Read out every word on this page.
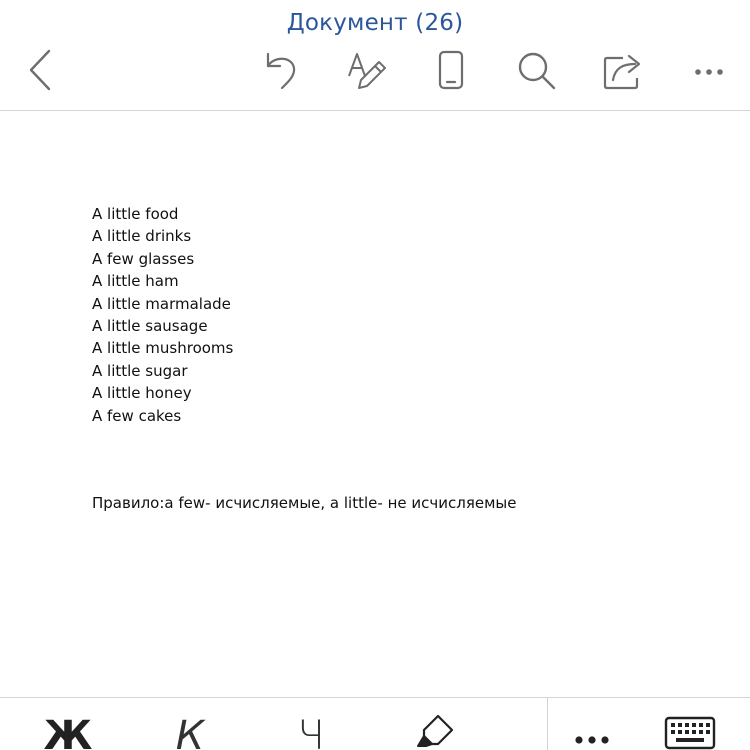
Документ (26)
A little food
A little drinks
A few glasses
A little ham
A little marmalade
A little sausage
A little mushrooms
A little sugar
A little honey
A few cakes
Правило:a few- исчисляемые, a little- не исчисляемые
Ж К Ч
